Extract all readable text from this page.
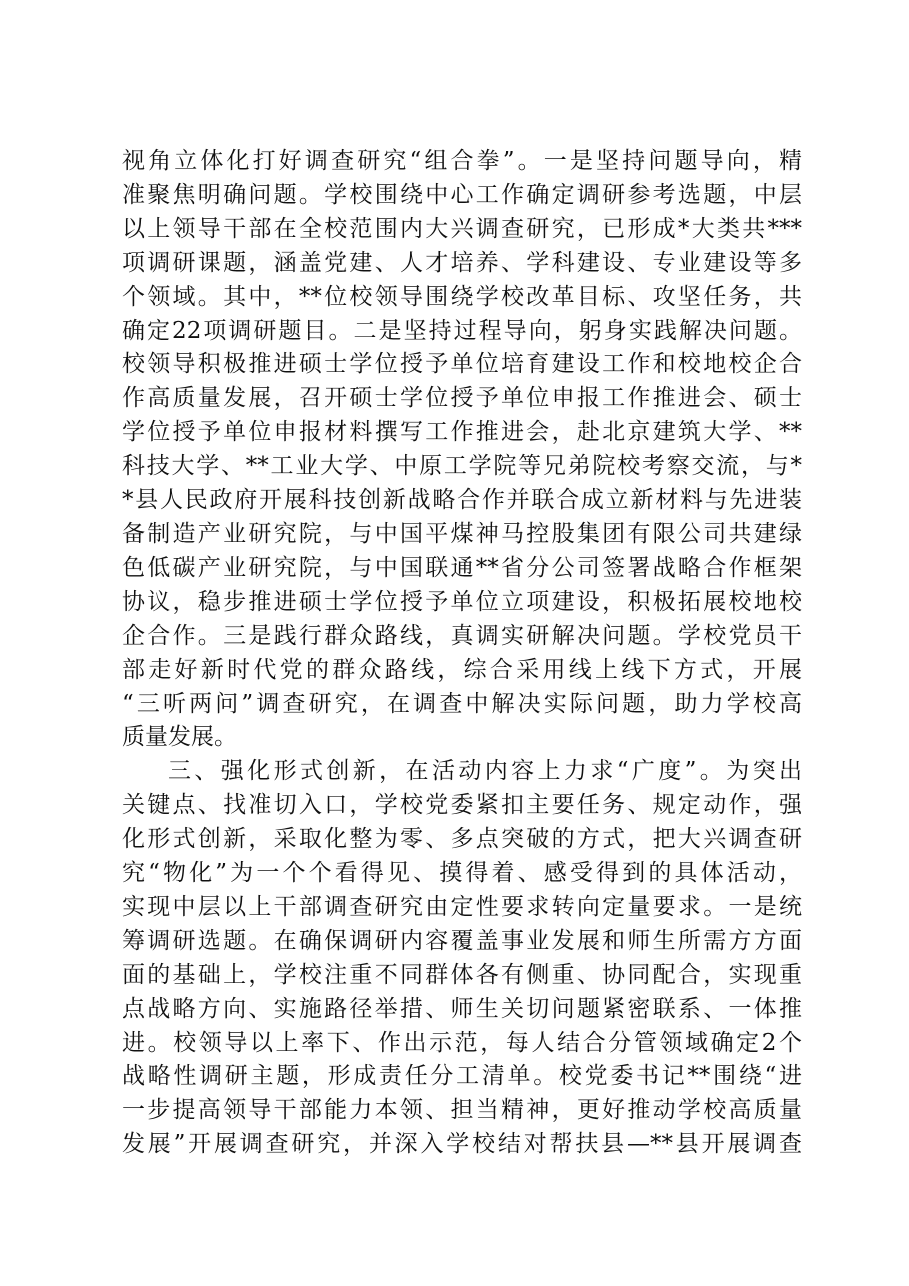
视角立体化打好调查研究“组合拳”。一是坚持问题导向，精
准聚焦明确问题。学校围绕中心工作确定调研参考选题，中层
以上领导干部在全校范围内大兴调查研究，已形成*大类共***
项调研课题，涵盖党建、人才培养、学科建设、专业建设等多
个领域。其中，**位校领导围绕学校改革目标、攻坚任务，共
确定22项调研题目。二是坚持过程导向，躬身实践解决问题。
校领导积极推进硕士学位授予单位培育建设工作和校地校企合
作高质量发展，召开硕士学位授予单位申报工作推进会、硕士
学位授予单位申报材料撰写工作推进会，赴北京建筑大学、**
科技大学、**工业大学、中原工学院等兄弟院校考察交流，与*
*县人民政府开展科技创新战略合作并联合成立新材料与先进装
备制造产业研究院，与中国平煤神马控股集团有限公司共建绿
色低碳产业研究院，与中国联通**省分公司签署战略合作框架
协议，稳步推进硕士学位授予单位立项建设，积极拓展校地校
企合作。三是践行群众路线，真调实研解决问题。学校党员干
部走好新时代党的群众路线，综合采用线上线下方式，开展
“三听两问”调查研究，在调查中解决实际问题，助力学校高
质量发展。
三、强化形式创新，在活动内容上力求“广度”。为突出
关键点、找准切入口，学校党委紧扣主要任务、规定动作，强
化形式创新，采取化整为零、多点突破的方式，把大兴调查研
究“物化”为一个个看得见、摸得着、感受得到的具体活动，
实现中层以上干部调查研究由定性要求转向定量要求。一是统
筹调研选题。在确保调研内容覆盖事业发展和师生所需方方面
面的基础上，学校注重不同群体各有侧重、协同配合，实现重
点战略方向、实施路径举措、师生关切问题紧密联系、一体推
进。校领导以上率下、作出示范，每人结合分管领域确定2个
战略性调研主题，形成责任分工清单。校党委书记**围绕“进
一步提高领导干部能力本领、担当精神，更好推动学校高质量
发展”开展调查研究，并深入学校结对帮扶县—**县开展调查
